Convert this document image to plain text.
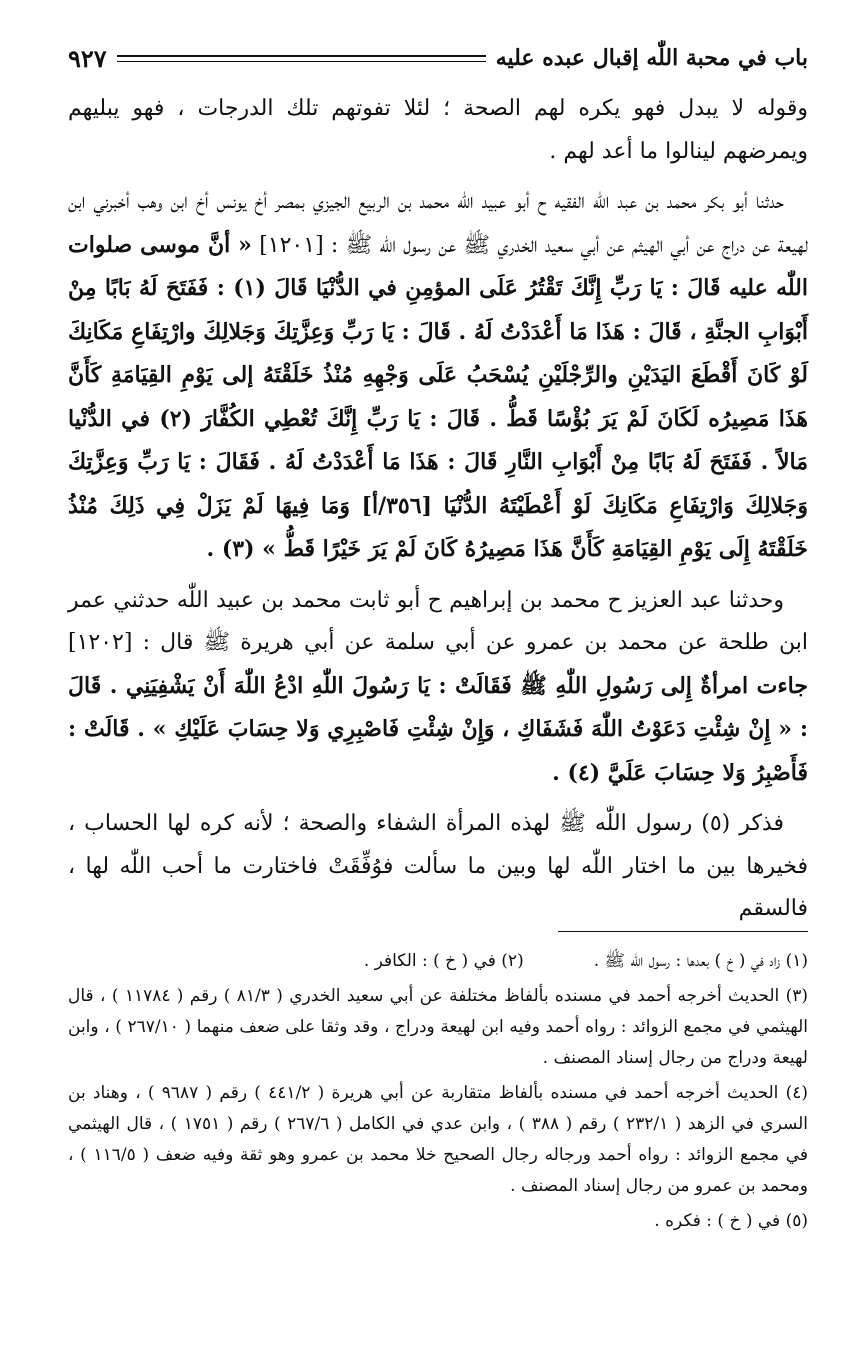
باب في محبة اللّٰه إقبال عبده عليه
٩٢٧

وقوله لا يبدل فهو يكره لهم الصحة ؛ لئلا تفوتهم تلك الدرجات ، فهو يبليهم ويمرضهم لينالوا ما أعد لهم .

حدثنا أبو بكر محمد بن عبد اللّٰه الفقيه ح أبو عبيد اللّٰه محمد بن الربيع الجيزي بمصر أخ يونس أخ ابن وهب أخبرني ابن لهيعة عن دراج عن أبي الهيثم عن أبي سعيد الخدري ﷺ عن رسول اللّٰه ﷺ : [١٢٠١] « أنَّ موسى صلوات اللّٰه عليه قَالَ : يَا رَبِّ إِنَّكَ تَقْتُرُ عَلَى المؤمِنِ في الدُّنْيَا قَالَ (١) : فَفَتَحَ لَهُ بَابًا مِنْ أَبْوَابِ الجنَّةِ ، قَالَ : هَذَا مَا أَعْدَدْتُ لَهُ . قَالَ : يَا رَبِّ وَعِزَّتِكَ وَجَلالِكَ وارْتِفَاعِ مَكَانِكَ لَوْ كَانَ أَقْطَعَ اليَدَيْنِ والرِّجْلَيْنِ يُسْحَبُ عَلَى وَجْهِهِ مُنْذُ خَلَقْتَهُ إلى يَوْمِ القِيَامَةِ كَأَنَّ هَذَا مَصِيرُه لَكَانَ لَمْ يَرَ بُؤْسًا قَطُّ . قَالَ : يَا رَبِّ إِنَّكَ تُعْطِي الكُفَّارَ (٢) في الدُّنْيا مَالاً . فَفَتَحَ لَهُ بَابًا مِنْ أَبْوَابِ النَّارِ قَالَ : هَذَا مَا أَعْدَدْتُ لَهُ . فَقَالَ : يَا رَبِّ وَعِزَّتِكَ وَجَلالِكَ وَارْتِفَاعِ مَكَانِكَ لَوْ أَعْطَيْتَهُ الدُّنْيَا [٣٥٦/أ] وَمَا فِيهَا لَمْ يَزَلْ فِي ذَلِكَ مُنْذُ خَلَقْتَهُ إِلَى يَوْمِ القِيَامَةِ كَأَنَّ هَذَا مَصِيرُهُ كَانَ لَمْ يَرَ خَيْرًا قَطُّ » (٣) .

وحدثنا عبد العزيز ح محمد بن إبراهيم ح أبو ثابت محمد بن عبيد اللّٰه حدثني عمر ابن طلحة عن محمد بن عمرو عن أبي سلمة عن أبي هريرة ﷺ قال : [١٢٠٢] جاءت امرأةٌ إِلى رَسُولِ اللّٰهِ ﷺ فَقَالَتْ : يَا رَسُولَ اللّٰهِ ادْعُ اللّٰهَ أَنْ يَشْفِيَنِي . قَالَ : « إِنْ شِئْتِ دَعَوْتُ اللّٰهَ فَشَفَاكِ ، وَإِنْ شِئْتِ فَاصْبِرِي وَلا حِسَابَ عَلَيْكِ » . قَالَتْ : فَأَصْبِرُ وَلا حِسَابَ عَلَيَّ (٤) .

فذكر (٥) رسول اللّٰه ﷺ لهذه المرأة الشفاء والصحة ؛ لأنه كره لها الحساب ، فخيرها بين ما اختار اللّٰه لها وبين ما سألت فوُفِّقَتْ فاختارت ما أحب اللّٰه لها ، فالسقم

(١) زاد في ( خ ) بعدها : رسول اللّٰه ﷺ .
(٢) في ( خ ) : الكافر .

(٣) الحديث أخرجه أحمد في مسنده بألفاظ مختلفة عن أبي سعيد الخدري ( ٨١/٣ ) رقم ( ١١٧٨٤ ) ، قال الهيثمي في مجمع الزوائد : رواه أحمد وفيه ابن لهيعة ودراج ، وقد وثقا على ضعف منهما ( ٢٦٧/١٠ ) ، وابن لهيعة ودراج من رجال إسناد المصنف .

(٤) الحديث أخرجه أحمد في مسنده بألفاظ متقاربة عن أبي هريرة ( ٤٤١/٢ ) رقم ( ٩٦٨٧ ) ، وهناد بن السري في الزهد ( ٢٣٢/١ ) رقم ( ٣٨٨ ) ، وابن عدي في الكامل ( ٢٦٧/٦ ) رقم ( ١٧٥١ ) ، قال الهيثمي في مجمع الزوائد : رواه أحمد ورجاله رجال الصحيح خلا محمد بن عمرو وهو ثقة وفيه ضعف ( ١١٦/٥ ) ، ومحمد بن عمرو من رجال إسناد المصنف .

(٥) في ( خ ) : فكره .
